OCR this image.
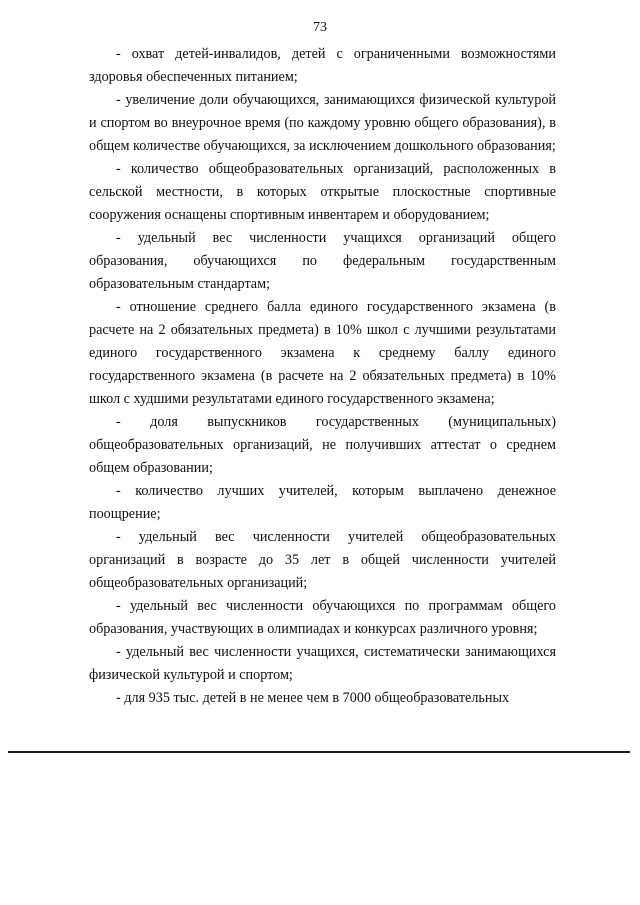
73

- охват детей-инвалидов, детей с ограниченными возможностями здоровья обеспеченных питанием;

- увеличение доли обучающихся, занимающихся физической культурой и спортом во внеурочное время (по каждому уровню общего образования), в общем количестве обучающихся, за исключением дошкольного образования;

- количество общеобразовательных организаций, расположенных в сельской местности, в которых открытые плоскостные спортивные сооружения оснащены спортивным инвентарем и оборудованием;

- удельный вес численности учащихся организаций общего образования, обучающихся по федеральным государственным образовательным стандартам;

- отношение среднего балла единого государственного экзамена (в расчете на 2 обязательных предмета) в 10% школ с лучшими результатами единого государственного экзамена к среднему баллу единого государственного экзамена (в расчете на 2 обязательных предмета) в 10% школ с худшими результатами единого государственного экзамена;

- доля выпускников государственных (муниципальных) общеобразовательных организаций, не получивших аттестат о среднем общем образовании;

- количество лучших учителей, которым выплачено денежное поощрение;

- удельный вес численности учителей общеобразовательных организаций в возрасте до 35 лет в общей численности учителей общеобразовательных организаций;

- удельный вес численности обучающихся по программам общего образования, участвующих в олимпиадах и конкурсах различного уровня;

- удельный вес численности учащихся, систематически занимающихся физической культурой и спортом;

- для 935 тыс. детей в не менее чем в 7000 общеобразовательных
